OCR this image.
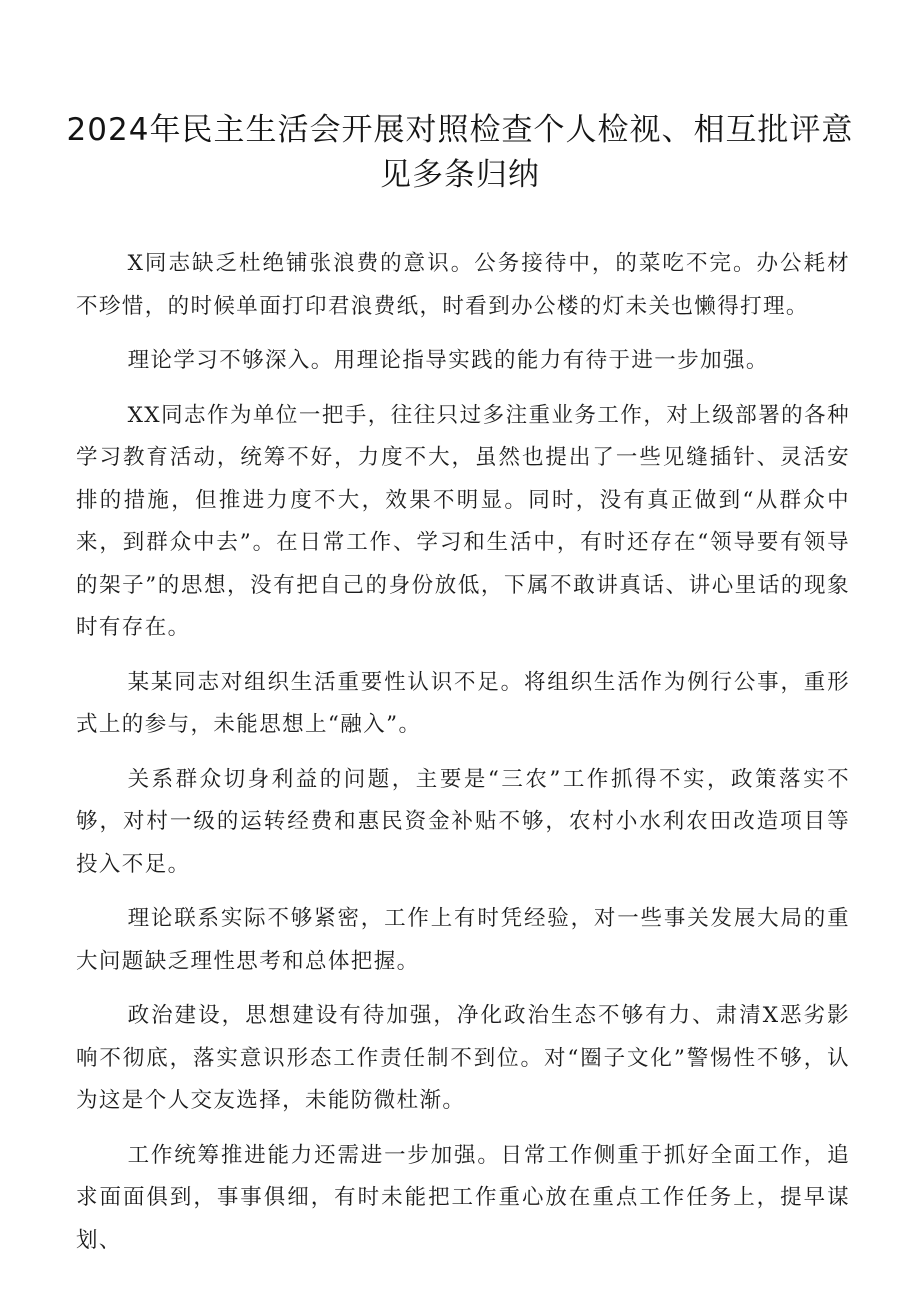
2024年民主生活会开展对照检查个人检视、相互批评意见多条归纳

X同志缺乏杜绝铺张浪费的意识。公务接待中，的菜吃不完。办公耗材不珍惜，的时候单面打印君浪费纸，时看到办公楼的灯未关也懒得打理。

理论学习不够深入。用理论指导实践的能力有待于进一步加强。

XX同志作为单位一把手，往往只过多注重业务工作，对上级部署的各种学习教育活动，统筹不好，力度不大，虽然也提出了一些见缝插针、灵活安排的措施，但推进力度不大，效果不明显。同时，没有真正做到“从群众中来，到群众中去”。在日常工作、学习和生活中，有时还存在“领导要有领导的架子”的思想，没有把自己的身份放低，下属不敢讲真话、讲心里话的现象时有存在。

某某同志对组织生活重要性认识不足。将组织生活作为例行公事，重形式上的参与，未能思想上“融入”。

关系群众切身利益的问题，主要是“三农”工作抓得不实，政策落实不够，对村一级的运转经费和惠民资金补贴不够，农村小水利农田改造项目等投入不足。

理论联系实际不够紧密，工作上有时凭经验，对一些事关发展大局的重大问题缺乏理性思考和总体把握。

政治建设，思想建设有待加强，净化政治生态不够有力、肃清X恶劣影响不彻底，落实意识形态工作责任制不到位。对“圈子文化”警惕性不够，认为这是个人交友选择，未能防微杜渐。

工作统筹推进能力还需进一步加强。日常工作侧重于抓好全面工作，追求面面俱到，事事俱细，有时未能把工作重心放在重点工作任务上，提早谋划、
